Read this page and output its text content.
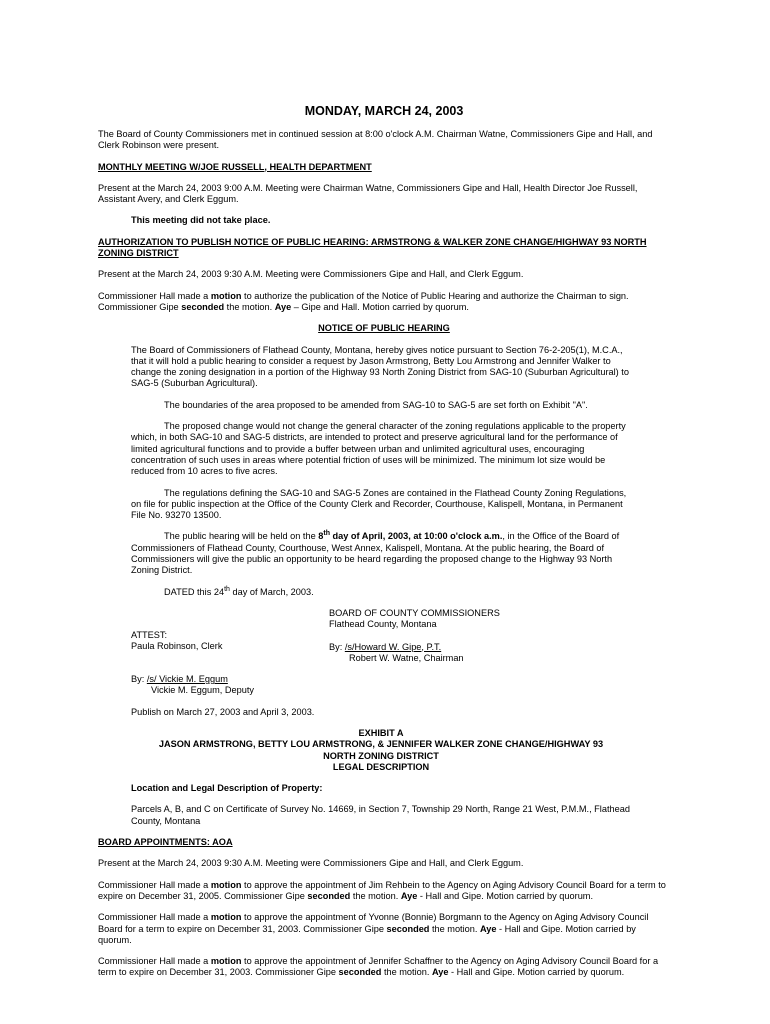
MONDAY, MARCH 24, 2003

The Board of County Commissioners met in continued session at 8:00 o'clock A.M. Chairman Watne, Commissioners Gipe and Hall, and Clerk Robinson were present.

MONTHLY MEETING W/JOE RUSSELL, HEALTH DEPARTMENT

Present at the March 24, 2003 9:00 A.M. Meeting were Chairman Watne, Commissioners Gipe and Hall, Health Director Joe Russell, Assistant Avery, and Clerk Eggum.

This meeting did not take place.

AUTHORIZATION TO PUBLISH NOTICE OF PUBLIC HEARING: ARMSTRONG & WALKER ZONE CHANGE/HIGHWAY 93 NORTH ZONING DISTRICT

Present at the March 24, 2003 9:30 A.M. Meeting were Commissioners Gipe and Hall, and Clerk Eggum.

Commissioner Hall made a motion to authorize the publication of the Notice of Public Hearing and authorize the Chairman to sign. Commissioner Gipe seconded the motion. Aye – Gipe and Hall. Motion carried by quorum.

NOTICE OF PUBLIC HEARING

The Board of Commissioners of Flathead County, Montana, hereby gives notice pursuant to Section 76-2-205(1), M.C.A., that it will hold a public hearing to consider a request by Jason Armstrong, Betty Lou Armstrong and Jennifer Walker to change the zoning designation in a portion of the Highway 93 North Zoning District from SAG-10 (Suburban Agricultural) to SAG-5 (Suburban Agricultural).

The boundaries of the area proposed to be amended from SAG-10 to SAG-5 are set forth on Exhibit "A".

The proposed change would not change the general character of the zoning regulations applicable to the property which, in both SAG-10 and SAG-5 districts, are intended to protect and preserve agricultural land for the performance of limited agricultural functions and to provide a buffer between urban and unlimited agricultural uses, encouraging concentration of such uses in areas where potential friction of uses will be minimized. The minimum lot size would be reduced from 10 acres to five acres.

The regulations defining the SAG-10 and SAG-5 Zones are contained in the Flathead County Zoning Regulations, on file for public inspection at the Office of the County Clerk and Recorder, Courthouse, Kalispell, Montana, in Permanent File No. 93270 13500.

The public hearing will be held on the 8th day of April, 2003, at 10:00 o'clock a.m., in the Office of the Board of Commissioners of Flathead County, Courthouse, West Annex, Kalispell, Montana. At the public hearing, the Board of Commissioners will give the public an opportunity to be heard regarding the proposed change to the Highway 93 North Zoning District.

DATED this 24th day of March, 2003.

ATTEST:
Paula Robinson, Clerk
BOARD OF COUNTY COMMISSIONERS
Flathead County, Montana
By: /s/Howard W. Gipe, P.T.
Robert W. Watne, Chairman
By: /s/ Vickie M. Eggum

Vickie M. Eggum, Deputy

Publish on March 27, 2003 and April 3, 2003.

EXHIBIT A
JASON ARMSTRONG, BETTY LOU ARMSTRONG, & JENNIFER WALKER ZONE CHANGE/HIGHWAY 93
NORTH ZONING DISTRICT
LEGAL DESCRIPTION

Location and Legal Description of Property:

Parcels A, B, and C on Certificate of Survey No. 14669, in Section 7, Township 29 North, Range 21 West, P.M.M., Flathead County, Montana

BOARD APPOINTMENTS: AOA

Present at the March 24, 2003 9:30 A.M. Meeting were Commissioners Gipe and Hall, and Clerk Eggum.

Commissioner Hall made a motion to approve the appointment of Jim Rehbein to the Agency on Aging Advisory Council Board for a term to expire on December 31, 2005. Commissioner Gipe seconded the motion. Aye - Hall and Gipe. Motion carried by quorum.

Commissioner Hall made a motion to approve the appointment of Yvonne (Bonnie) Borgmann to the Agency on Aging Advisory Council Board for a term to expire on December 31, 2003. Commissioner Gipe seconded the motion. Aye - Hall and Gipe. Motion carried by quorum.

Commissioner Hall made a motion to approve the appointment of Jennifer Schaffner to the Agency on Aging Advisory Council Board for a term to expire on December 31, 2003. Commissioner Gipe seconded the motion. Aye - Hall and Gipe. Motion carried by quorum.
